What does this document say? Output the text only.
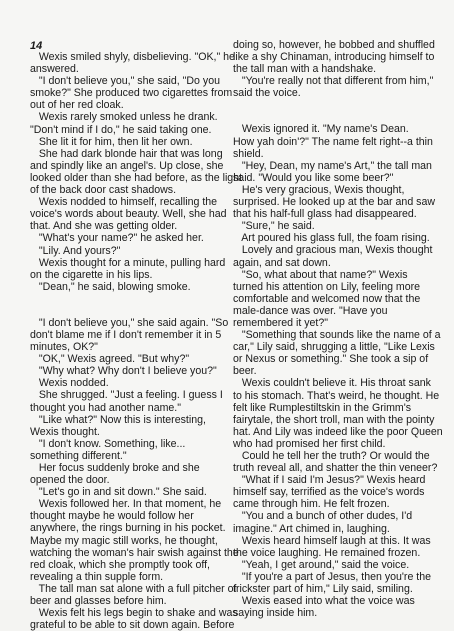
14

Wexis smiled shyly, disbelieving. "OK," he

answered.

"I don't believe you," she said, "Do you

smoke?" She produced two cigarettes from

out of her red cloak.

Wexis rarely smoked unless he drank.

"Don't mind if I do," he said taking one.

She lit it for him, then lit her own.

She had dark blonde hair that was long

and spindly like an angel's. Up close, she

looked older than she had before, as the light

of the back door cast shadows.

Wexis nodded to himself, recalling the

voice's words about beauty. Well, she had

that. And she was getting older.

"What's your name?" he asked her.

"Lily. And yours?"

Wexis thought for a minute, pulling hard

on the cigarette in his lips.

"Dean," he said, blowing smoke.

"I don't believe you," she said again. "So

don't blame me if I don't remember it in 5

minutes, OK?"

"OK," Wexis agreed. "But why?"

"Why what? Why don't I believe you?"

Wexis nodded.

She shrugged. "Just a feeling. I guess I

thought you had another name."

"Like what?" Now this is interesting,

Wexis thought.

"I don't know. Something, like...

something different."

Her focus suddenly broke and she

opened the door.

"Let's go in and sit down." She said.

Wexis followed her. In that moment, he

thought maybe he would follow her

anywhere, the rings burning in his pocket.

Maybe my magic still works, he thought,

watching the woman's hair swish against the

red cloak, which she promptly took off,

revealing a thin supple form.

The tall man sat alone with a full pitcher of

beer and glasses before him.

Wexis felt his legs begin to shake and was

grateful to be able to sit down again. Before

doing so, however, he bobbed and shuffled

like a shy Chinaman, introducing himself to

the tall man with a handshake.

"You're really not that different from him,"

said the voice.

Wexis ignored it. "My name's Dean.

How yah doin'?" The name felt right--a thin

shield.

"Hey, Dean, my name's Art," the tall man

said. "Would you like some beer?"

He's very gracious, Wexis thought,

surprised. He looked up at the bar and saw

that his half-full glass had disappeared.

"Sure," he said.

Art poured his glass full, the foam rising.

Lovely and gracious man, Wexis thought

again, and sat down.

"So, what about that name?" Wexis

turned his attention on Lily, feeling more

comfortable and welcomed now that the

male-dance was over. "Have you

remembered it yet?"

"Something that sounds like the name of a

car," Lily said, shrugging a little, "Like Lexis

or Nexus or something." She took a sip of

beer.

Wexis couldn't believe it. His throat sank

to his stomach. That's weird, he thought. He

felt like Rumplestiltskin in the Grimm's

fairytale, the short troll, man with the pointy

hat. And Lily was indeed like the poor Queen

who had promised her first child.

Could he tell her the truth? Or would the

truth reveal all, and shatter the thin veneer?

"What if I said I'm Jesus?" Wexis heard

himself say, terrified as the voice's words

came through him. He felt frozen.

"You and a bunch of other dudes, I'd

imagine." Art chimed in, laughing.

Wexis heard himself laugh at this. It was

the voice laughing. He remained frozen.

"Yeah, I get around," said the voice.

"If you're a part of Jesus, then you're the

trickster part of him," Lily said, smiling.

Wexis eased into what the voice was

saying inside him.
